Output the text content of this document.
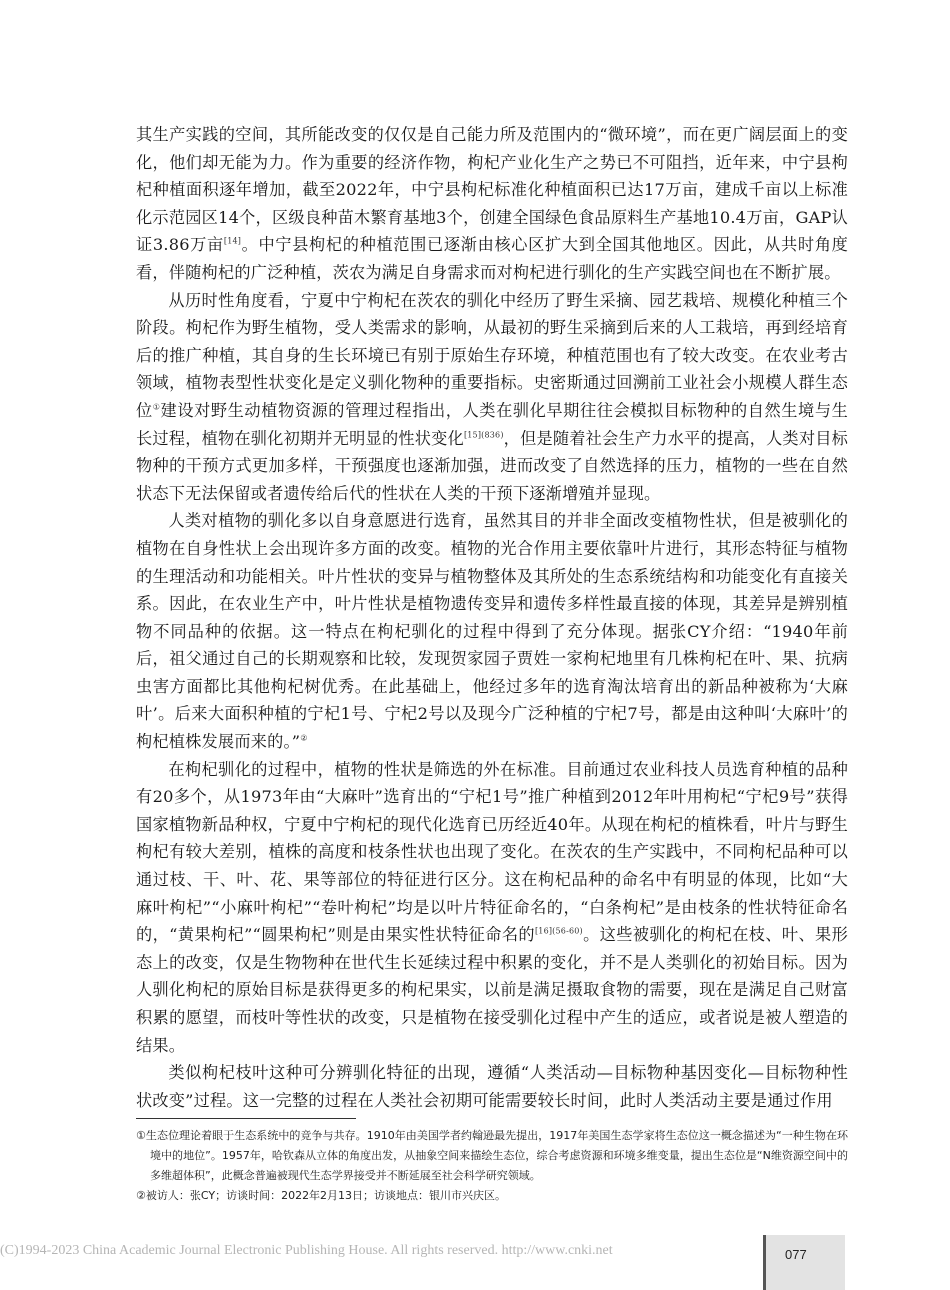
其生产实践的空间，其所能改变的仅仅是自己能力所及范围内的“微环境”，而在更广阔层面上的变化，他们却无能为力。作为重要的经济作物，枸杞产业化生产之势已不可阻挡，近年来，中宁县枸杞种植面积逐年增加，截至2022年，中宁县枸杞标准化种植面积已达17万亩，建成千亩以上标准化示范园区14个，区级良种苗木繁育基地3个，创建全国绿色食品原料生产基地10.4万亩，GAP认证3.86万亩[14]。中宁县枸杞的种植范围已逐渐由核心区扩大到全国其他地区。因此，从共时角度看，伴随枸杞的广泛种植，茨农为满足自身需求而对枸杞进行驯化的生产实践空间也在不断扩展。

从历时性角度看，宁夏中宁枸杞在茨农的驯化中经历了野生采摘、园艺栽培、规模化种植三个阶段。枸杞作为野生植物，受人类需求的影响，从最初的野生采摘到后来的人工栽培，再到经培育后的推广种植，其自身的生长环境已有别于原始生存环境，种植范围也有了较大改变。在农业考古领域，植物表型性状变化是定义驯化物种的重要指标。史密斯通过回溯前工业社会小规模人群生态位①建设对野生动植物资源的管理过程指出，人类在驯化早期往往会模拟目标物种的自然生境与生长过程，植物在驯化初期并无明显的性状变化$^{[15](836)}$，但是随着社会生产力水平的提高，人类对目标物种的干预方式更加多样，干预强度也逐渐加强，进而改变了自然选择的压力，植物的一些在自然状态下无法保留或者遗传给后代的性状在人类的干预下逐渐增殖并显现。

人类对植物的驯化多以自身意愿进行选育，虽然其目的并非全面改变植物性状，但是被驯化的植物在自身性状上会出现许多方面的改变。植物的光合作用主要依靠叶片进行，其形态特征与植物的生理活动和功能相关。叶片性状的变异与植物整体及其所处的生态系统结构和功能变化有直接关系。因此，在农业生产中，叶片性状是植物遗传变异和遗传多样性最直接的体现，其差异是辨别植物不同品种的依据。这一特点在枸杞驯化的过程中得到了充分体现。据张CY介绍：“1940年前后，祖父通过自己的长期观察和比较，发现贺家园子贾姓一家枸杞地里有几株枸杞在叶、果、抗病虫害方面都比其他枸杞树优秀。在此基础上，他经过多年的选育淘汰培育出的新品种被称为‘大麻叶’。后来大面积种植的宁杞1号、宁杞2号以及现今广泛种植的宁杞7号，都是由这种叫‘大麻叶’的枸杞植株发展而来的。”②

在枸杞驯化的过程中，植物的性状是筛选的外在标准。目前通过农业科技人员选育种植的品种有20多个，从1973年由“大麻叶”选育出的“宁杞1号”推广种植到2012年叶用枸杞“宁杞9号”获得国家植物新品种权，宁夏中宁枸杞的现代化选育已历经近40年。从现在枸杞的植株看，叶片与野生枸杞有较大差别，植株的高度和枝条性状也出现了变化。在茨农的生产实践中，不同枸杞品种可以通过枝、干、叶、花、果等部位的特征进行区分。这在枸杞品种的命名中有明显的体现，比如“大麻叶枸杞”“小麻叶枸杞”“卷叶枸杞”均是以叶片特征命名的，“白条枸杞”是由枝条的性状特征命名的，“黄果枸杞”“圆果枸杞”则是由果实性状特征命名的$^{[16](56-60)}$。这些被驯化的枸杞在枝、叶、果形态上的改变，仅是生物物种在世代生长延续过程中积累的变化，并不是人类驯化的初始目标。因为人驯化枸杞的原始目标是获得更多的枸杞果实，以前是满足摄取食物的需要，现在是满足自己财富积累的愿望，而枝叶等性状的改变，只是植物在接受驯化过程中产生的适应，或者说是被人塑造的结果。

类似枸杞枝叶这种可分辨驯化特征的出现，遵循“人类活动—目标物种基因变化—目标物种性状改变”过程。这一完整的过程在人类社会初期可能需要较长时间，此时人类活动主要是通过作用

①生态位理论着眼于生态系统中的竞争与共存。1910年由美国学者约翰逊最先提出，1917年美国生态学家将生态位这一概念描述为“一种生物在环境中的地位”。1957年，哈钦森从立体的角度出发，从抽象空间来描绘生态位，综合考虑资源和环境多维变量，提出生态位是“N维资源空间中的多维超体积”，此概念普遍被现代生态学界接受并不断延展至社会科学研究领域。

②被访人：张CY；访谈时间：2022年2月13日；访谈地点：银川市兴庆区。

(C)1994-2023 China Academic Journal Electronic Publishing House. All rights reserved. http://www.cnki.net	077
